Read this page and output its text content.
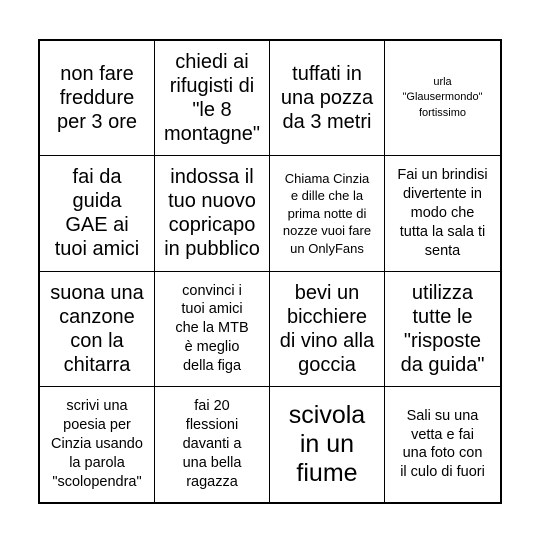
non fare
freddure
per 3 ore
chiedi ai
rifugisti di
"le 8
montagne"
tuffati in
una pozza
da 3 metri
urla
"Glausermondo"
fortissimo
fai da
guida
GAE ai
tuoi amici
indossa il
tuo nuovo
copricapo
in pubblico
Chiama Cinzia
e dille che la
prima notte di
nozze vuoi fare
un OnlyFans
Fai un brindisi
divertente in
modo che
tutta la sala ti
senta
suona una
canzone
con la
chitarra
convinci i
tuoi amici
che la MTB
è meglio
della figa
bevi un
bicchiere
di vino alla
goccia
utilizza
tutte le
"risposte
da guida"
scrivi una
poesia per
Cinzia usando
la parola
"scolopendra"
fai 20
flessioni
davanti a
una bella
ragazza
scivola
in un
fiume
Sali su una
vetta e fai
una foto con
il culo di fuori
